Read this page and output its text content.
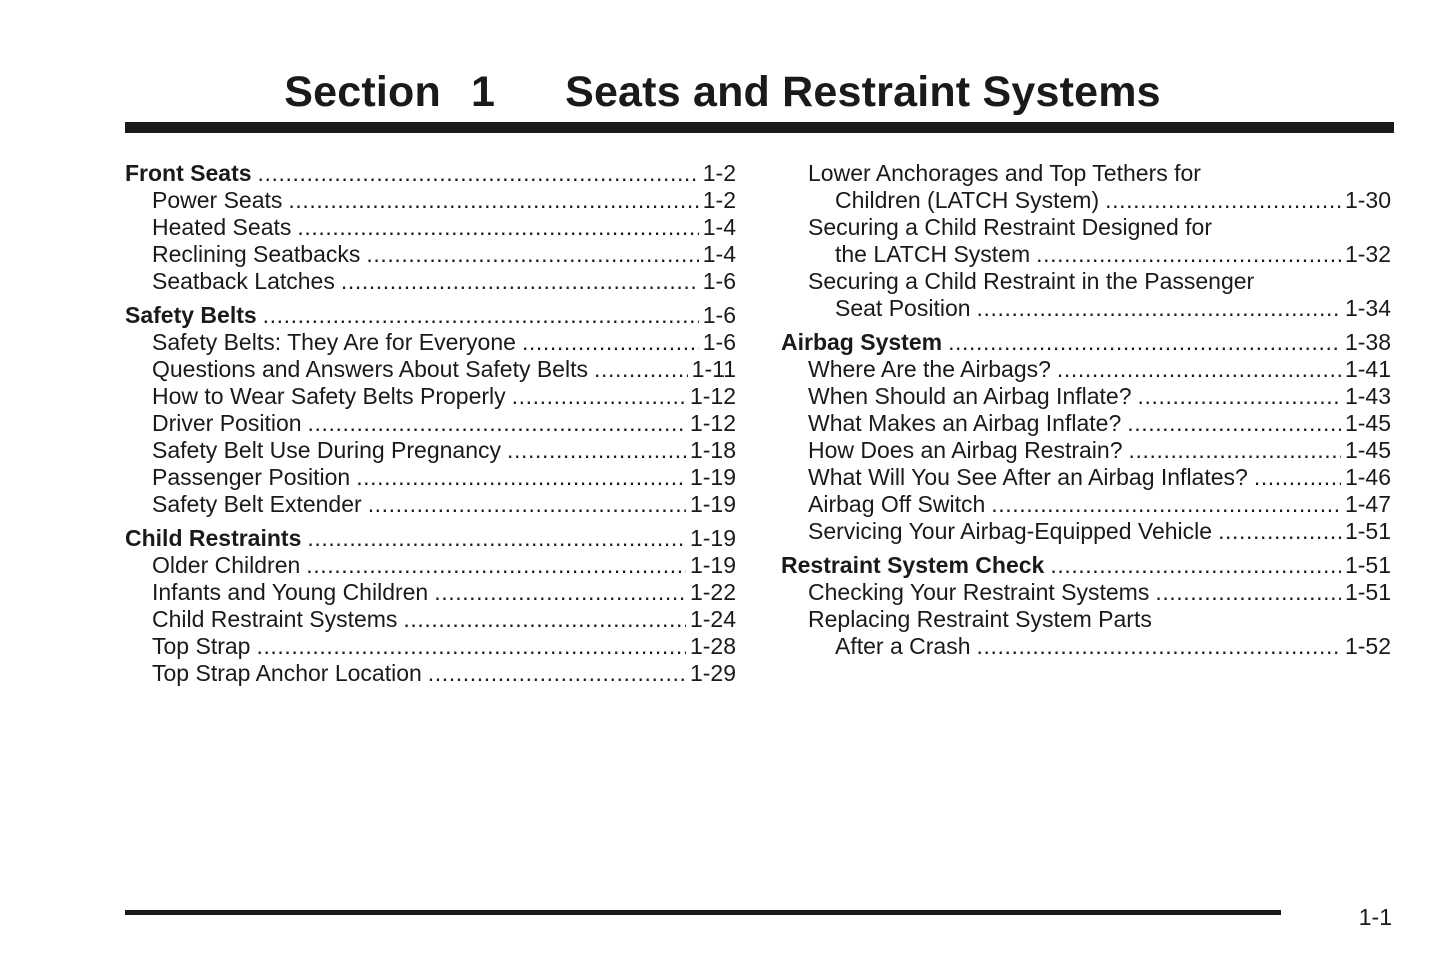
Section 1 Seats and Restraint Systems
Front Seats .....	1-2
Power Seats .....	1-2
Heated Seats .....	1-4
Reclining Seatbacks .....	1-4
Seatback Latches .....	1-6
Safety Belts .....	1-6
Safety Belts: They Are for Everyone .....	1-6
Questions and Answers About Safety Belts .....	1-11
How to Wear Safety Belts Properly .....	1-12
Driver Position .....	1-12
Safety Belt Use During Pregnancy .....	1-18
Passenger Position .....	1-19
Safety Belt Extender .....	1-19
Child Restraints .....	1-19
Older Children .....	1-19
Infants and Young Children .....	1-22
Child Restraint Systems .....	1-24
Top Strap .....	1-28
Top Strap Anchor Location .....	1-29
Lower Anchorages and Top Tethers for
Children (LATCH System) .....	1-30
Securing a Child Restraint Designed for
the LATCH System .....	1-32
Securing a Child Restraint in the Passenger
Seat Position .....	1-34
Airbag System .....	1-38
Where Are the Airbags? .....	1-41
When Should an Airbag Inflate? .....	1-43
What Makes an Airbag Inflate? .....	1-45
How Does an Airbag Restrain? .....	1-45
What Will You See After an Airbag Inflates? .....	1-46
Airbag Off Switch .....	1-47
Servicing Your Airbag-Equipped Vehicle .....	1-51
Restraint System Check .....	1-51
Checking Your Restraint Systems .....	1-51
Replacing Restraint System Parts
After a Crash .....	1-52
1-1
